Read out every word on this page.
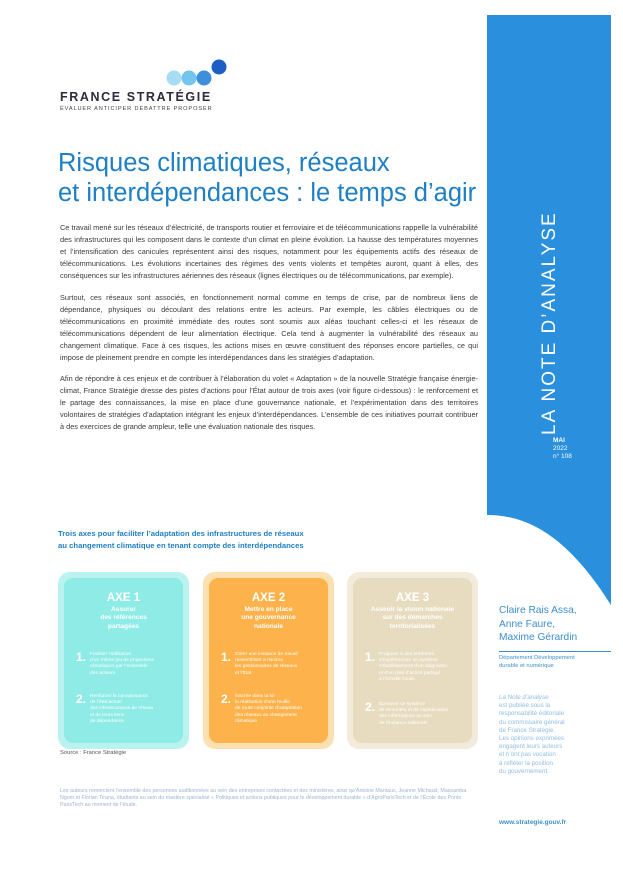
FRANCE STRATÉGIE
ÉVALUER ANTICIPER DÉBATTRE PROPOSER
Risques climatiques, réseaux
et interdépendances : le temps d’agir

Ce travail mené sur les réseaux d’électricité, de transports routier et ferroviaire et de télécommunications rappelle la vulnérabilité des infrastructures qui les composent dans le contexte d’un climat en pleine évolution. La hausse des températures moyennes et l’intensification des canicules représentent ainsi des risques, notamment pour les équipements actifs des réseaux de télécommunications. Les évolutions incertaines des régimes des vents violents et tempêtes auront, quant à elles, des conséquences sur les infrastructures aériennes des réseaux (lignes électriques ou de télécommunications, par exemple).

Surtout, ces réseaux sont associés, en fonctionnement normal comme en temps de crise, par de nombreux liens de dépendance, physiques ou découlant des relations entre les acteurs. Par exemple, les câbles électriques ou de télécommunications en proximité immédiate des routes sont soumis aux aléas touchant celles-ci et les réseaux de télécommunications dépendent de leur alimentation électrique. Cela tend à augmenter la vulnérabilité des réseaux au changement climatique. Face à ces risques, les actions mises en œuvre constituent des réponses encore partielles, ce qui impose de pleinement prendre en compte les interdépendances dans les stratégies d’adaptation.

Afin de répondre à ces enjeux et de contribuer à l’élaboration du volet « Adaptation » de la nouvelle Stratégie française énergie-climat, France Stratégie dresse des pistes d’actions pour l’État autour de trois axes (voir figure ci-dessous) : le renforcement et le partage des connaissances, la mise en place d’une gouvernance nationale, et l’expérimentation dans des territoires volontaires de stratégies d’adaptation intégrant les enjeux d’interdépendances. L’ensemble de ces initiatives pourrait contribuer à des exercices de grande ampleur, telle une évaluation nationale des risques.

Trois axes pour faciliter l’adaptation des infrastructures de réseaux
au changement climatique en tenant compte des interdépendances
AXE 1
Assurer
des références
partagées
1. Faciliter l’utilisation
d’un même jeu de projections
climatiques par l’ensemble
des acteurs
2. Renforcer la connaissance
de l’état actuel
des infrastructures de réseau
et de leurs liens
de dépendance
AXE 2
Mettre en place
une gouvernance
nationale
1. Créer une instance de travail
rassemblant a minima
les gestionnaires de réseaux
et l’État
2. Inscrire dans la loi
la réalisation d’une feuille
de route conjointe d’adaptation
des réseaux au changement
climatique
AXE 3
Asseoir la vision nationale
sur des démarches
territorialisées
1. Proposer à des territoires
d’expérimenter un système
d’établissement d’un diagnostic
et d’un plan d’action partagé
à l’échelle locale
2. Éprouver ce système
de remontée et de capitalisation
des informations au sein
de l’instance nationale
Source : France Stratégie
Les auteurs remercient l’ensemble des personnes auditionnées au sein des entreprises contactées et des ministères, ainsi qu’Antoine Mantaux, Jeanne Michaud, Massamba Ngom et Florian Tirana, étudiants au sein du mastère spécialisé « Politiques et actions publiques pour le développement durable » d’AgroParisTech et de l’École des Ponts ParisTech au moment de l’étude.
LA NOTE D’ANALYSE
MAI
2022
n° 108
Claire Rais Assa,
Anne Faure,
Maxime Gérardin
Département Développement
durable et numérique
La Note d’analyse
est publiée sous la
responsabilité éditoriale
du commissaire général
de France Stratégie.
Les opinions exprimées
engagent leurs auteurs
et n’ont pas vocation
à refléter la position
du gouvernement.
www.strategie.gouv.fr
